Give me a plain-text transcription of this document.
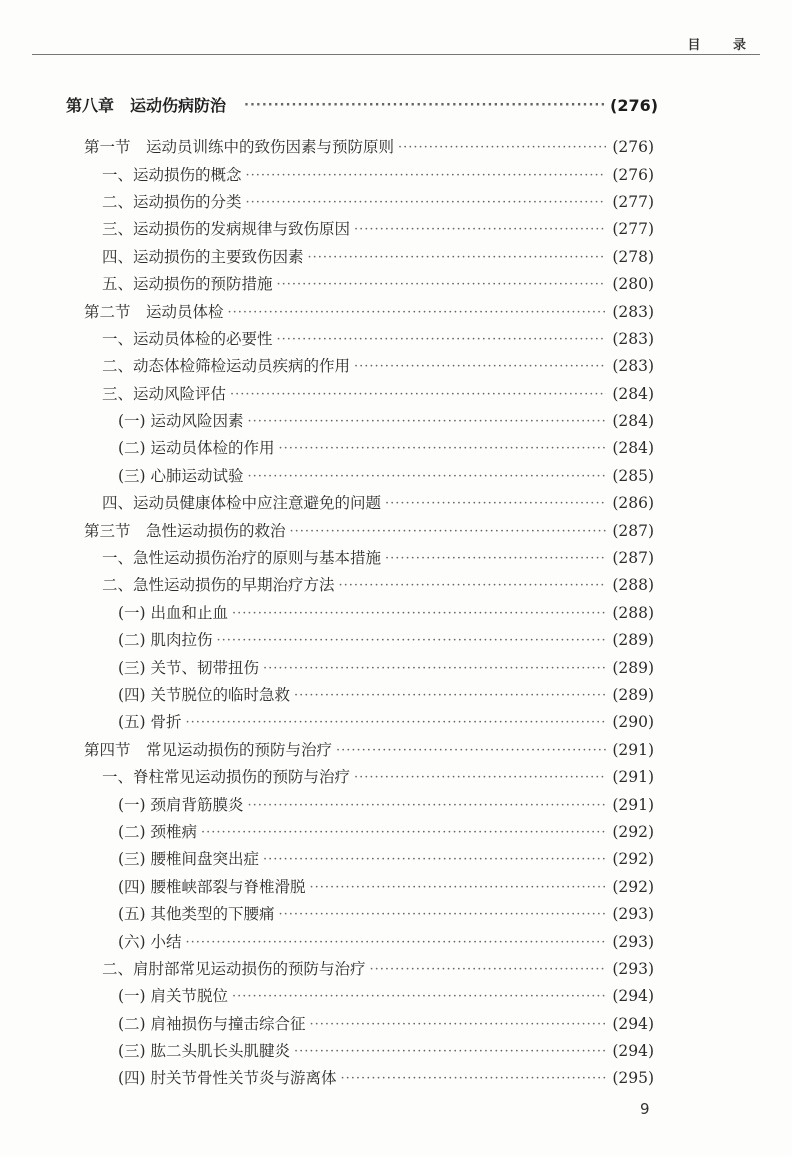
目 录
第八章　运动伤病防治 ·····	(276)
第一节　运动员训练中的致伤因素与预防原则 ·····	(276)
一、运动损伤的概念 ·····	(276)
二、运动损伤的分类 ·····	(277)
三、运动损伤的发病规律与致伤原因 ·····	(277)
四、运动损伤的主要致伤因素 ·····	(278)
五、运动损伤的预防措施 ·····	(280)
第二节　运动员体检 ·····	(283)
一、运动员体检的必要性 ·····	(283)
二、动态体检筛检运动员疾病的作用 ·····	(283)
三、运动风险评估 ·····	(284)
(一) 运动风险因素 ·····	(284)
(二) 运动员体检的作用 ·····	(284)
(三) 心肺运动试验 ·····	(285)
四、运动员健康体检中应注意避免的问题 ·····	(286)
第三节　急性运动损伤的救治 ·····	(287)
一、急性运动损伤治疗的原则与基本措施 ·····	(287)
二、急性运动损伤的早期治疗方法 ·····	(288)
(一) 出血和止血 ·····	(288)
(二) 肌肉拉伤 ·····	(289)
(三) 关节、韧带扭伤 ·····	(289)
(四) 关节脱位的临时急救 ·····	(289)
(五) 骨折 ·····	(290)
第四节　常见运动损伤的预防与治疗 ·····	(291)
一、脊柱常见运动损伤的预防与治疗 ·····	(291)
(一) 颈肩背筋膜炎 ·····	(291)
(二) 颈椎病 ·····	(292)
(三) 腰椎间盘突出症 ·····	(292)
(四) 腰椎峡部裂与脊椎滑脱 ·····	(292)
(五) 其他类型的下腰痛 ·····	(293)
(六) 小结 ·····	(293)
二、肩肘部常见运动损伤的预防与治疗 ·····	(293)
(一) 肩关节脱位 ·····	(294)
(二) 肩袖损伤与撞击综合征 ·····	(294)
(三) 肱二头肌长头肌腱炎 ·····	(294)
(四) 肘关节骨性关节炎与游离体 ·····	(295)
9
